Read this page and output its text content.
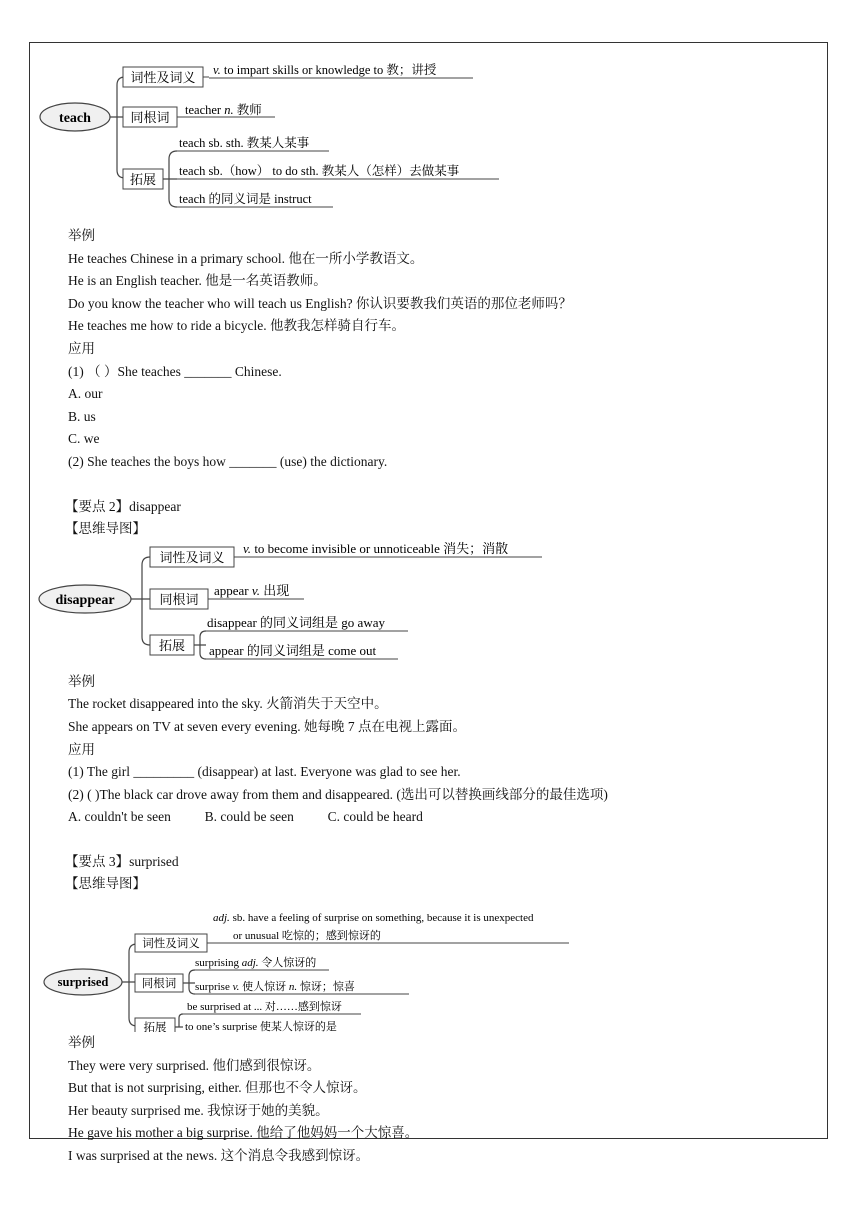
teach
词性及词义 v. to impart skills or knowledge to 教；讲授
同根词 teacher n. 教师
拓展
teach sb. sth. 教某人某事
teach sb.（how） to do sth. 教某人（怎样）去做某事
teach 的同义词是 instruct
举例
He teaches Chinese in a primary school. 他在一所小学教语文。
He is an English teacher. 他是一名英语教师。
Do you know the teacher who will teach us English? 你认识要教我们英语的那位老师吗？
He teaches me how to ride a bicycle. 他教我怎样骑自行车。
应用
(1) （ ）She teaches _______ Chinese.
A. our
B. us
C. we
(2) She teaches the boys how _______ (use) the dictionary.
【要点 2】disappear
【思维导图】
disappear
词性及词义
v. to become invisible or unnoticeable 消失；消散
同根词
appear v. 出现
拓展
disappear 的同义词组是 go away
appear 的同义词组是 come out
举例
The rocket disappeared into the sky. 火箭消失于天空中。
She appears on TV at seven every evening. 她每晚 7 点在电视上露面。
应用
(1) The girl _________ (disappear) at last. Everyone was glad to see her.
(2) ( )The black car drove away from them and disappeared. (选出可以替换画线部分的最佳选项)
A. couldn't be seen          B. could be seen          C. could be heard
【要点 3】surprised
【思维导图】
surprised
词性及词义
adj. sb. have a feeling of surprise on something, because it is unexpected
or unusual 吃惊的；感到惊讶的
同根词
surprising adj. 令人惊讶的
surprise v. 使人惊讶 n. 惊讶；惊喜
拓展
be surprised at ... 对……感到惊讶
to one’s surprise 使某人惊讶的是
举例
They were very surprised. 他们感到很惊讶。
But that is not surprising, either. 但那也不令人惊讶。
Her beauty surprised me. 我惊讶于她的美貌。
He gave his mother a big surprise. 他给了他妈妈一个大惊喜。
I was surprised at the news. 这个消息令我感到惊讶。
